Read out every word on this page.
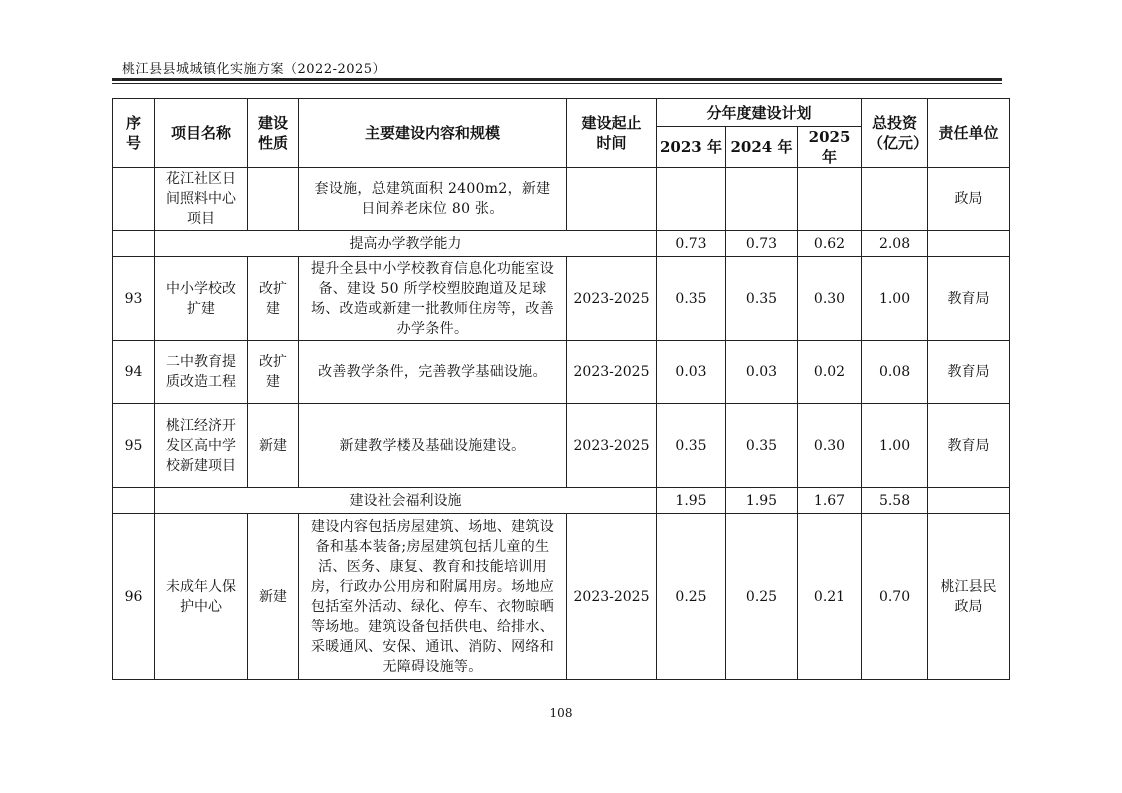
桃江县县城城镇化实施方案（2022-2025）
序号	项目名称	建设性质	主要建设内容和规模	建设起止时间	分年度建设计划			总投资（亿元）	责任单位
					2023 年	2024 年	2025 年		
	花江社区日间照料中心项目		套设施，总建筑面积 2400m2，新建日间养老床位 80 张。						政局
	提高办学教学能力				0.73	0.73	0.62	2.08	
93	中小学校改扩建	改扩建	提升全县中小学校教育信息化功能室设备、建设 50 所学校塑胶跑道及足球场、改造或新建一批教师住房等，改善办学条件。	2023-2025	0.35	0.35	0.30	1.00	教育局
94	二中教育提质改造工程	改扩建	改善教学条件，完善教学基础设施。	2023-2025	0.03	0.03	0.02	0.08	教育局
95	桃江经济开发区高中学校新建项目	新建	新建教学楼及基础设施建设。	2023-2025	0.35	0.35	0.30	1.00	教育局
	建设社会福利设施				1.95	1.95	1.67	5.58	
96	未成年人保护中心	新建	建设内容包括房屋建筑、场地、建筑设备和基本装备;房屋建筑包括儿童的生活、医务、康复、教育和技能培训用房，行政办公用房和附属用房。场地应包括室外活动、绿化、停车、衣物晾晒等场地。建筑设备包括供电、给排水、采暖通风、安保、通讯、消防、网络和无障碍设施等。	2023-2025	0.25	0.25	0.21	0.70	桃江县民政局
108
